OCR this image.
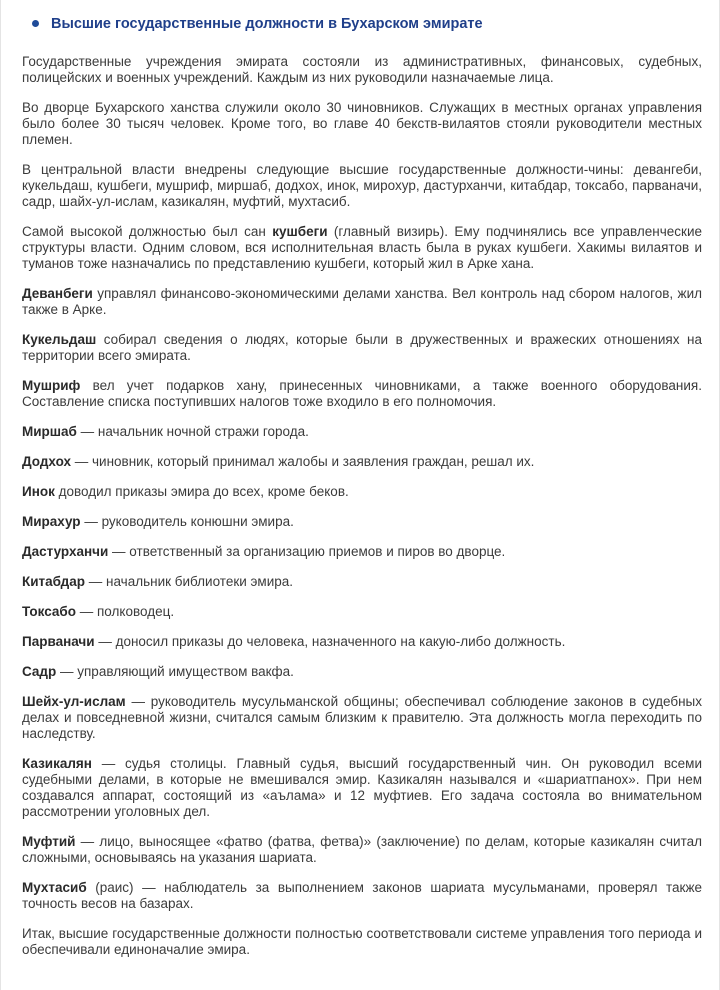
Высшие государственные должности в Бухарском эмирате

Государственные учреждения эмирата состояли из административных, финансовых, судебных, полицейских и военных учреждений. Каждым из них руководили назначаемые лица.

Во дворце Бухарского ханства служили около 30 чиновников. Служащих в местных органах управления было более 30 тысяч человек. Кроме того, во главе 40 бекств-вилаятов стояли руководители местных племен.

В центральной власти внедрены следующие высшие государственные должности-чины: девангеби, кукельдаш, кушбеги, мушриф, миршаб, додхох, инок, мирохур, дастурханчи, китабдар, токсабо, парваначи, садр, шайх-ул-ислам, казикалян, муфтий, мухтасиб.

Самой высокой должностью был сан кушбеги (главный визирь). Ему подчинялись все управленческие структуры власти. Одним словом, вся исполнительная власть была в руках кушбеги. Хакимы вилаятов и туманов тоже назначались по представлению кушбеги, который жил в Арке хана.

Деванбеги управлял финансово-экономическими делами ханства. Вел контроль над сбором налогов, жил также в Арке.

Кукельдаш собирал сведения о людях, которые были в дружественных и вражеских отношениях на территории всего эмирата.

Мушриф вел учет подарков хану, принесенных чиновниками, а также военного оборудования. Составление списка поступивших налогов тоже входило в его полномочия.

Миршаб — начальник ночной стражи города.

Додхох — чиновник, который принимал жалобы и заявления граждан, решал их.

Инок доводил приказы эмира до всех, кроме беков.

Мирахур — руководитель конюшни эмира.

Дастурханчи — ответственный за организацию приемов и пиров во дворце.

Китабдар — начальник библиотеки эмира.

Токсабо — полководец.

Парваначи — доносил приказы до человека, назначенного на какую-либо должность.

Садр — управляющий имуществом вакфа.

Шейх-ул-ислам — руководитель мусульманской общины; обеспечивал соблюдение законов в судебных делах и повседневной жизни, считался самым близким к правителю. Эта должность могла переходить по наследству.

Казикалян — судья столицы. Главный судья, высший государственный чин. Он руководил всеми судебными делами, в которые не вмешивался эмир. Казикалян назывался и «шариатпанох». При нем создавался аппарат, состоящий из «аълама» и 12 муфтиев. Его задача состояла во внимательном рассмотрении уголовных дел.

Муфтий — лицо, выносящее «фатво (фатва, фетва)» (заключение) по делам, которые казикалян считал сложными, основываясь на указания шариата.

Мухтасиб (раис) — наблюдатель за выполнением законов шариата мусульманами, проверял также точность весов на базарах.

Итак, высшие государственные должности полностью соответствовали системе управления того периода и обеспечивали единоначалие эмира.
